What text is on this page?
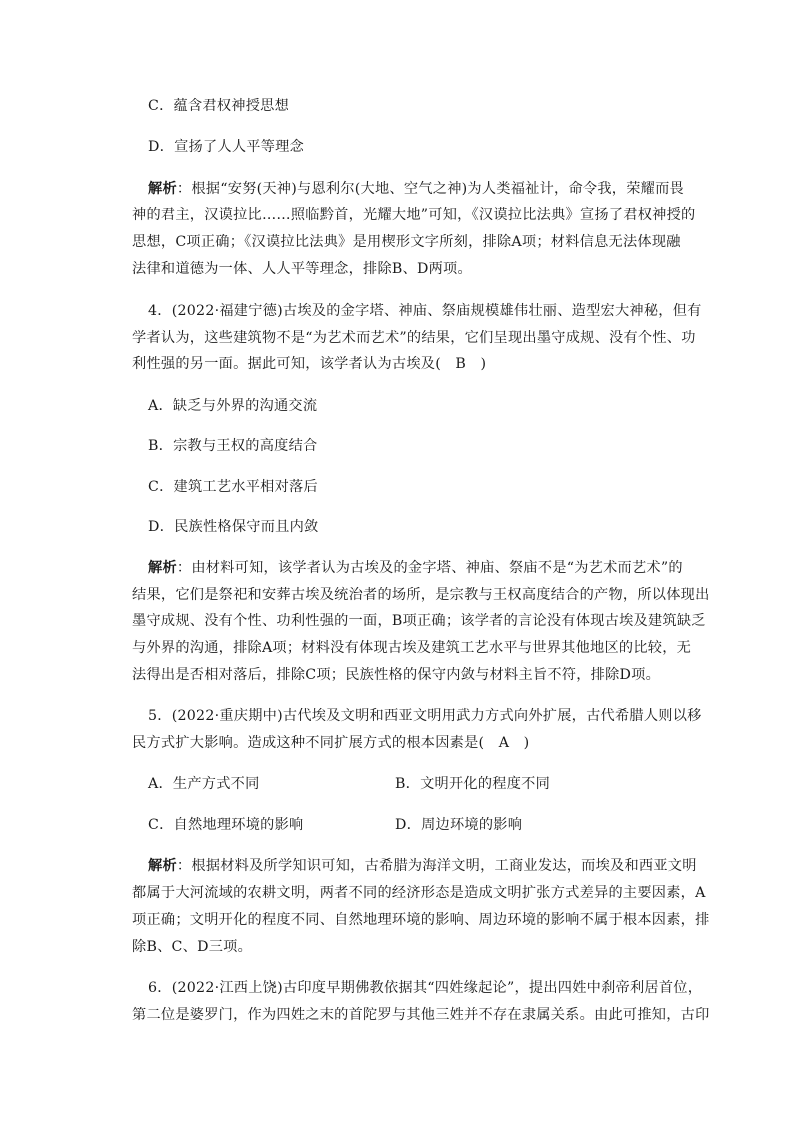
C．蕴含君权神授思想
D．宣扬了人人平等理念
解析：根据“安努(天神)与恩利尔(大地、空气之神)为人类福祉计，命令我，荣耀而畏
神的君主，汉谟拉比……照临黔首，光耀大地”可知，《汉谟拉比法典》宣扬了君权神授的
思想，C项正确；《汉谟拉比法典》是用楔形文字所刻，排除A项；材料信息无法体现融
法律和道德为一体、人人平等理念，排除B、D两项。
4．(2022·福建宁德)古埃及的金字塔、神庙、祭庙规模雄伟壮丽、造型宏大神秘，但有
学者认为，这些建筑物不是“为艺术而艺术”的结果，它们呈现出墨守成规、没有个性、功
利性强的另一面。据此可知，该学者认为古埃及(　B　)
A．缺乏与外界的沟通交流
B．宗教与王权的高度结合
C．建筑工艺水平相对落后
D．民族性格保守而且内敛
解析：由材料可知，该学者认为古埃及的金字塔、神庙、祭庙不是“为艺术而艺术”的
结果，它们是祭祀和安葬古埃及统治者的场所，是宗教与王权高度结合的产物，所以体现出
墨守成规、没有个性、功利性强的一面，B项正确；该学者的言论没有体现古埃及建筑缺乏
与外界的沟通，排除A项；材料没有体现古埃及建筑工艺水平与世界其他地区的比较，无
法得出是否相对落后，排除C项；民族性格的保守内敛与材料主旨不符，排除D项。
5．(2022·重庆期中)古代埃及文明和西亚文明用武力方式向外扩展，古代希腊人则以移
民方式扩大影响。造成这种不同扩展方式的根本因素是(　A　)
A．生产方式不同	B．文明开化的程度不同
C．自然地理环境的影响	D．周边环境的影响
解析：根据材料及所学知识可知，古希腊为海洋文明，工商业发达，而埃及和西亚文明
都属于大河流域的农耕文明，两者不同的经济形态是造成文明扩张方式差异的主要因素，A
项正确；文明开化的程度不同、自然地理环境的影响、周边环境的影响不属于根本因素，排
除B、C、D三项。
6．(2022·江西上饶)古印度早期佛教依据其“四姓缘起论”，提出四姓中刹帝利居首位，
第二位是婆罗门，作为四姓之末的首陀罗与其他三姓并不存在隶属关系。由此可推知，古印
